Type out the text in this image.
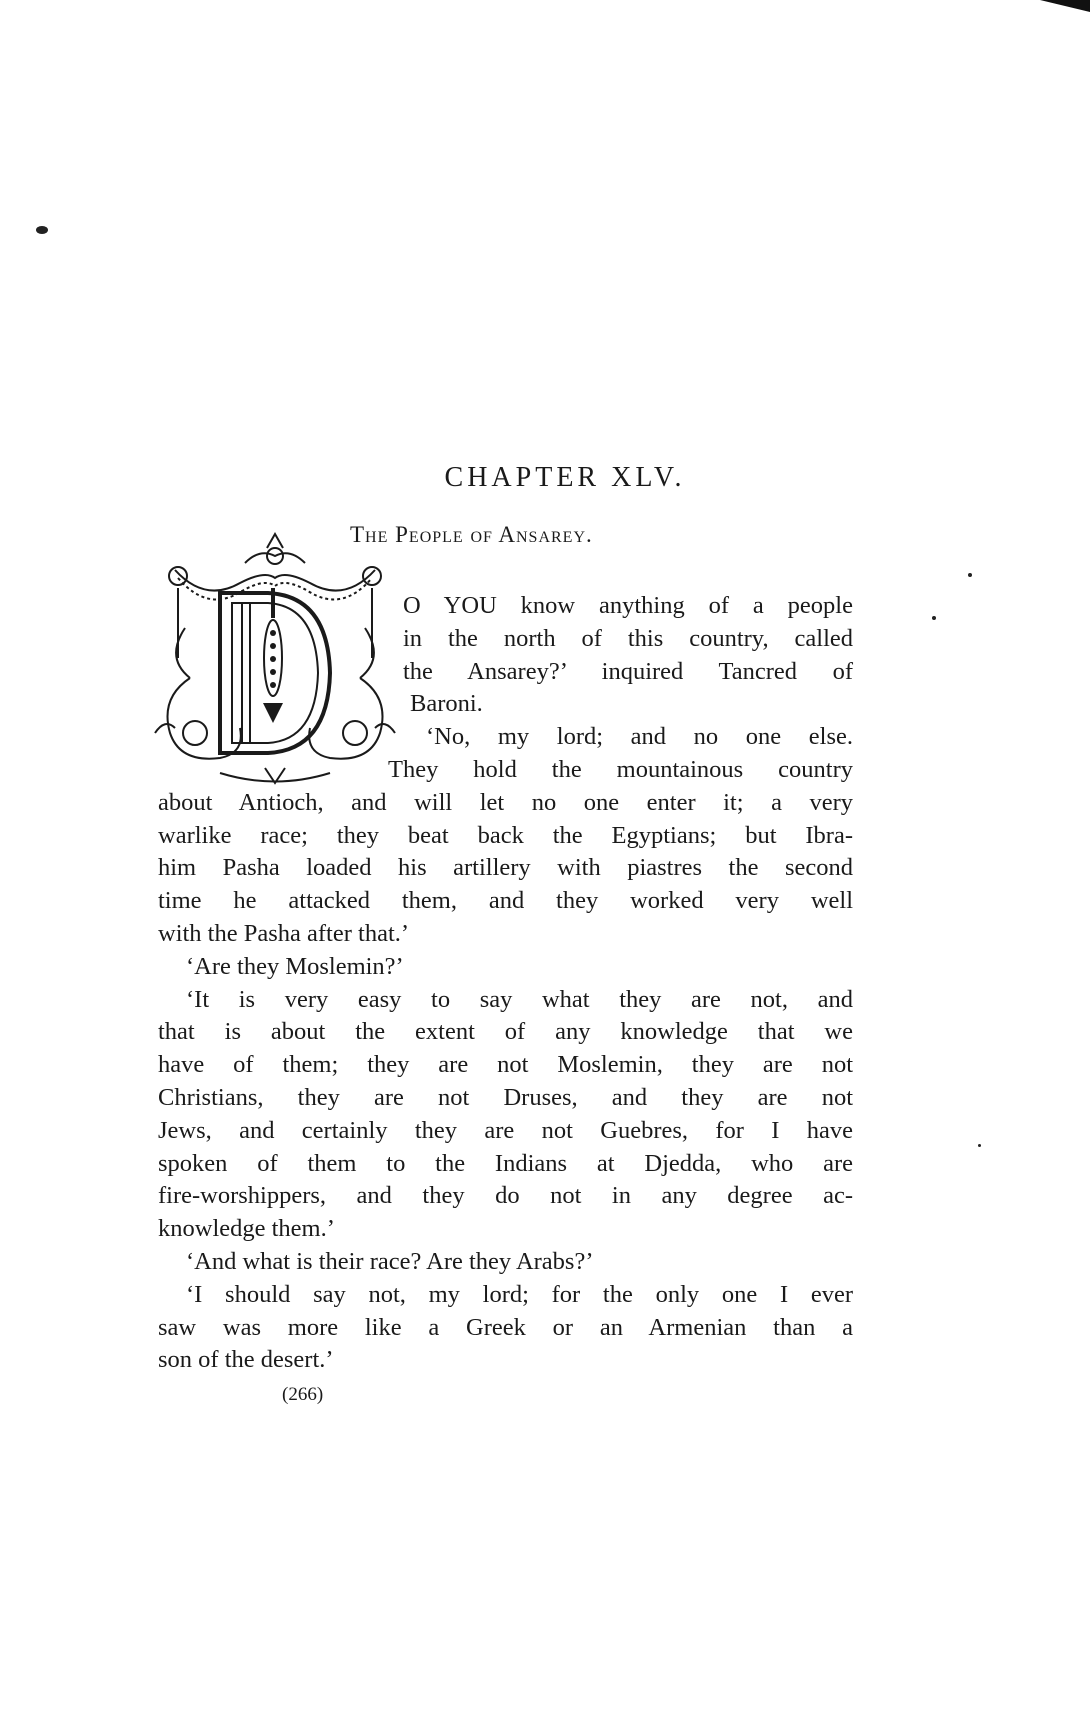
CHAPTER XLV.
The People of Ansarey.
O YOU know anything of a people
in the north of this country, called
the Ansarey?’ inquired Tancred of
Baroni.
‘No, my lord; and no one else.
They hold the mountainous country
about Antioch, and will let no one enter it; a very
warlike race; they beat back the Egyptians; but Ibra-
him Pasha loaded his artillery with piastres the second
time he attacked them, and they worked very well
with the Pasha after that.’
‘Are they Moslemin?’
‘It is very easy to say what they are not, and
that is about the extent of any knowledge that we
have of them; they are not Moslemin, they are not
Christians, they are not Druses, and they are not
Jews, and certainly they are not Guebres, for I have
spoken of them to the Indians at Djedda, who are
fire-worshippers, and they do not in any degree ac-
knowledge them.’
‘And what is their race? Are they Arabs?’
‘I should say not, my lord; for the only one I ever
saw was more like a Greek or an Armenian than a
son of the desert.’
(266)
